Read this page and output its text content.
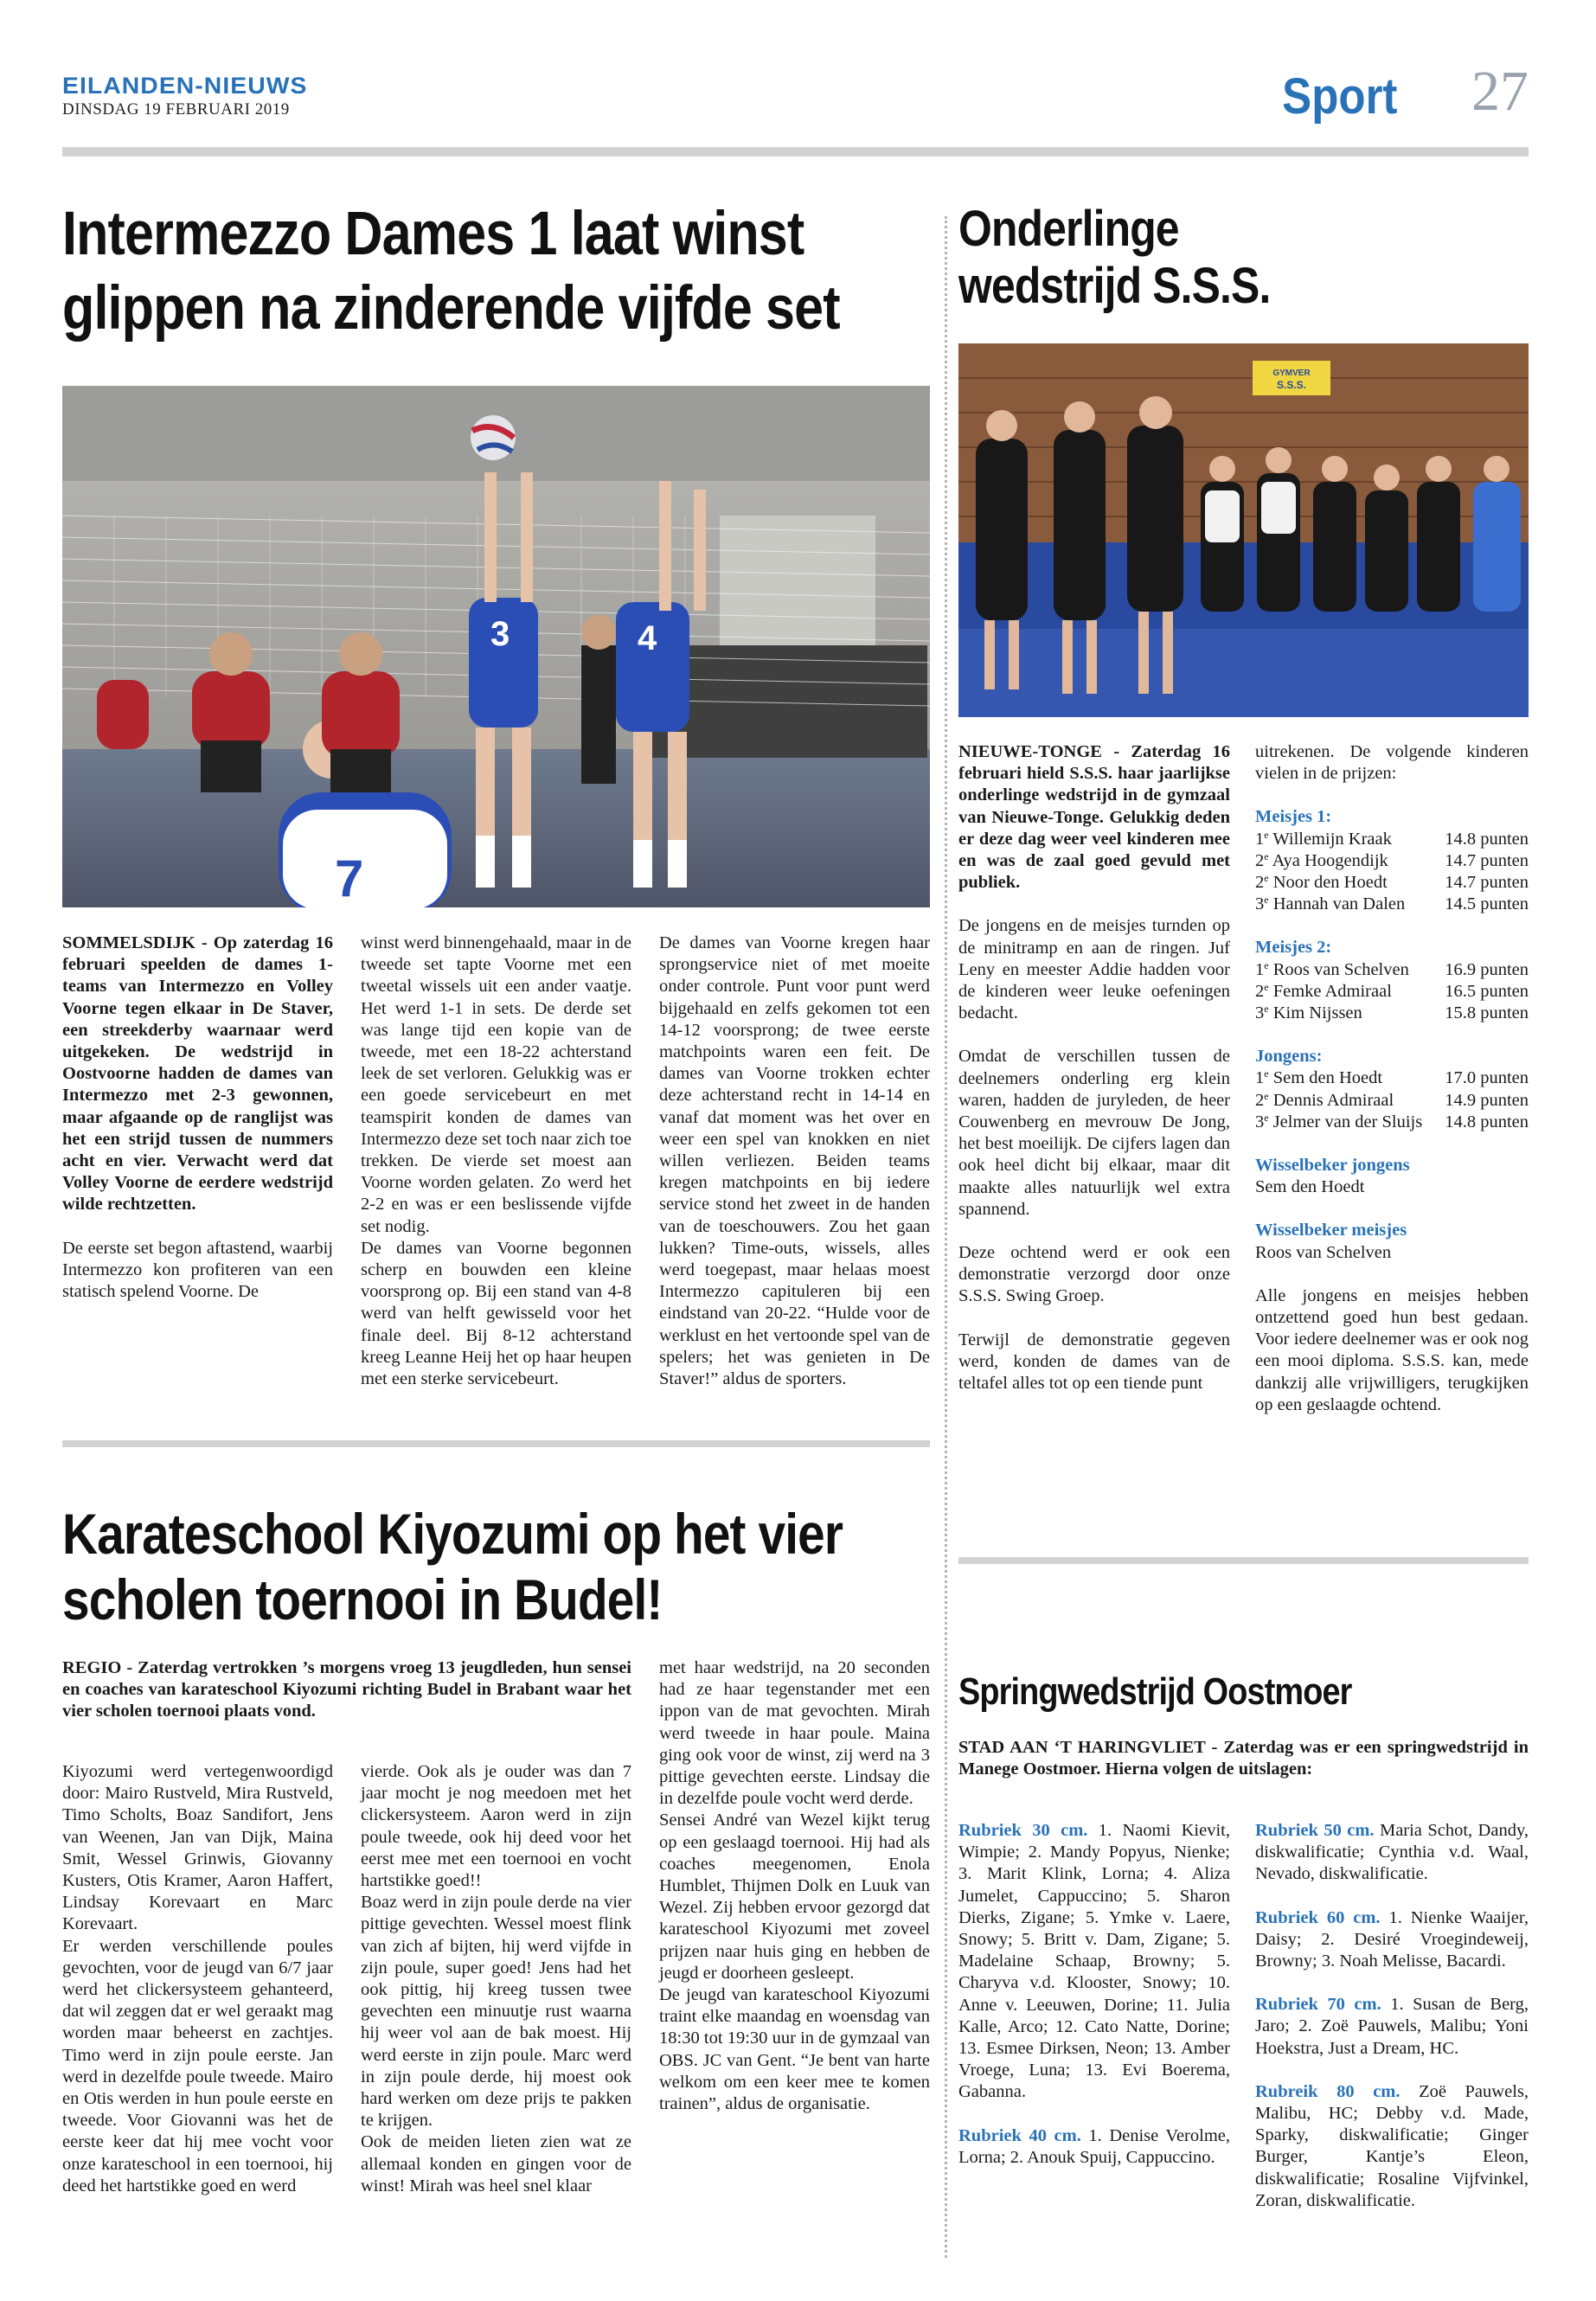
EILANDEN-NIEUWS
DINSDAG 19 FEBRUARI 2019	Sport 27
Intermezzo Dames 1 laat winst
glippen na zinderende vijfde set
3	4
7

SOMMELSDIJK - Op zaterdag 16 februari speelden de dames 1-teams van Intermezzo en Volley Voorne tegen elkaar in De Staver, een streekderby waarnaar werd uitgekeken. De wedstrijd in Oostvoorne hadden de dames van Intermezzo met 2-3 gewonnen, maar afgaande op de ranglijst was het een strijd tussen de nummers acht en vier. Verwacht werd dat Volley Voorne de eerdere wedstrijd wilde rechtzetten.

De eerste set begon aftastend, waarbij Intermezzo kon profiteren van een statisch spelend Voorne. De

winst werd binnengehaald, maar in de tweede set tapte Voorne met een tweetal wissels uit een ander vaatje. Het werd 1-1 in sets. De derde set was lange tijd een kopie van de tweede, met een 18-22 achterstand leek de set verloren. Gelukkig was er een goede servicebeurt en met teamspirit konden de dames van Intermezzo deze set toch naar zich toe trekken. De vierde set moest aan Voorne worden gelaten. Zo werd het 2-2 en was er een beslissende vijfde set nodig.

De dames van Voorne begonnen scherp en bouwden een kleine voorsprong op. Bij een stand van 4-8 werd van helft gewisseld voor het finale deel. Bij 8-12 achterstand kreeg Leanne Heij het op haar heupen met een sterke servicebeurt.

De dames van Voorne kregen haar sprongservice niet of met moeite onder controle. Punt voor punt werd bijgehaald en zelfs gekomen tot een 14-12 voorsprong; de twee eerste matchpoints waren een feit. De dames van Voorne trokken echter deze achterstand recht in 14-14 en vanaf dat moment was het over en weer een spel van knokken en niet willen verliezen. Beiden teams kregen matchpoints en bij iedere service stond het zweet in de handen van de toeschouwers. Zou het gaan lukken? Time-outs, wissels, alles werd toegepast, maar helaas moest Intermezzo capituleren bij een eindstand van 20-22. “Hulde voor de werklust en het vertoonde spel van de spelers; het was genieten in De Staver!” aldus de sporters.

Onderlinge
wedstrijd S.S.S.
GYMVER
S.S.S.

NIEUWE-TONGE - Zaterdag 16 februari hield S.S.S. haar jaarlijkse onderlinge wedstrijd in de gymzaal van Nieuwe-Tonge. Gelukkig deden er deze dag weer veel kinderen mee en was de zaal goed gevuld met publiek.

De jongens en de meisjes turnden op de minitramp en aan de ringen. Juf Leny en meester Addie hadden voor de kinderen weer leuke oefeningen bedacht.

Omdat de verschillen tussen de deelnemers onderling erg klein waren, hadden de juryleden, de heer Couwenberg en mevrouw De Jong, het best moeilijk. De cijfers lagen dan ook heel dicht bij elkaar, maar dit maakte alles natuurlijk wel extra spannend.

Deze ochtend werd er ook een demonstratie verzorgd door onze S.S.S. Swing Groep.

Terwijl de demonstratie gegeven werd, konden de dames van de teltafel alles tot op een tiende punt

uitrekenen. De volgende kinderen vielen in de prijzen:

Meisjes 1:
1e Willemijn Kraak	14.8 punten
2e Aya Hoogendijk	14.7 punten
2e Noor den Hoedt	14.7 punten
3e Hannah van Dalen 14.5 punten
Meisjes 2:
1e Roos van Schelven 16.9 punten
2e Femke Admiraal	16.5 punten
3e Kim Nijssen	15.8 punten
Jongens:
1e Sem den Hoedt	17.0 punten
2e Dennis Admiraal	14.9 punten
3e Jelmer van der Sluijs 14.8 punten
Wisselbeker jongens
Sem den Hoedt
Wisselbeker meisjes
Roos van Schelven

Alle jongens en meisjes hebben ontzettend goed hun best gedaan. Voor iedere deelnemer was er ook nog een mooi diploma. S.S.S. kan, mede dankzij alle vrijwilligers, terugkijken op een geslaagde ochtend.

Karateschool Kiyozumi op het vier
scholen toernooi in Budel!
REGIO - Zaterdag vertrokken ’s morgens vroeg 13 jeugdleden, hun sensei en coaches van karateschool Kiyozumi richting Budel in Brabant waar het vier scholen toernooi plaats vond.

Kiyozumi werd vertegenwoordigd door: Mairo Rustveld, Mira Rustveld, Timo Scholts, Boaz Sandifort, Jens van Weenen, Jan van Dijk, Maina Smit, Wessel Grinwis, Giovanny Kusters, Otis Kramer, Aaron Haffert, Lindsay Korevaart en Marc Korevaart.

Er werden verschillende poules gevochten, voor de jeugd van 6/7 jaar werd het clickersysteem gehanteerd, dat wil zeggen dat er wel geraakt mag worden maar beheerst en zachtjes. Timo werd in zijn poule eerste. Jan werd in dezelfde poule tweede. Mairo en Otis werden in hun poule eerste en tweede. Voor Giovanni was het de eerste keer dat hij mee vocht voor onze karateschool in een toernooi, hij deed het hartstikke goed en werd

vierde. Ook als je ouder was dan 7 jaar mocht je nog meedoen met het clickersysteem. Aaron werd in zijn poule tweede, ook hij deed voor het eerst mee met een toernooi en vocht hartstikke goed!!

Boaz werd in zijn poule derde na vier pittige gevechten. Wessel moest flink van zich af bijten, hij werd vijfde in zijn poule, super goed! Jens had het ook pittig, hij kreeg tussen twee gevechten een minuutje rust waarna hij weer vol aan de bak moest. Hij werd eerste in zijn poule. Marc werd in zijn poule derde, hij moest ook hard werken om deze prijs te pakken te krijgen.

Ook de meiden lieten zien wat ze allemaal konden en gingen voor de winst! Mirah was heel snel klaar

met haar wedstrijd, na 20 seconden had ze haar tegenstander met een ippon van de mat gevochten. Mirah werd tweede in haar poule. Maina ging ook voor de winst, zij werd na 3 pittige gevechten eerste. Lindsay die in dezelfde poule vocht werd derde.

Sensei André van Wezel kijkt terug op een geslaagd toernooi. Hij had als coaches meegenomen, Enola Humblet, Thijmen Dolk en Luuk van Wezel. Zij hebben ervoor gezorgd dat karateschool Kiyozumi met zoveel prijzen naar huis ging en hebben de jeugd er doorheen gesleept.

De jeugd van karateschool Kiyozumi traint elke maandag en woensdag van 18:30 tot 19:30 uur in de gymzaal van OBS. JC van Gent. “Je bent van harte welkom om een keer mee te komen trainen”, aldus de organisatie.

Springwedstrijd Oostmoer
STAD AAN ‘T HARINGVLIET - Zaterdag was er een springwedstrijd in Manege Oostmoer. Hierna volgen de uitslagen:

Rubriek 30 cm. 1. Naomi Kievit, Wimpie; 2. Mandy Popyus, Nienke; 3. Marit Klink, Lorna; 4. Aliza Jumelet, Cappuccino; 5. Sharon Dierks, Zigane; 5. Ymke v. Laere, Snowy; 5. Britt v. Dam, Zigane; 5. Madelaine Schaap, Browny; 5. Charyva v.d. Klooster, Snowy; 10. Anne v. Leeuwen, Dorine; 11. Julia Kalle, Arco; 12. Cato Natte, Dorine; 13. Esmee Dirksen, Neon; 13. Amber Vroege, Luna; 13. Evi Boerema, Gabanna.

Rubriek 40 cm. 1. Denise Verolme, Lorna; 2. Anouk Spuij, Cappuccino.

Rubriek 50 cm. Maria Schot, Dandy, diskwalificatie; Cynthia v.d. Waal, Nevado, diskwalificatie.

Rubriek 60 cm. 1. Nienke Waaijer, Daisy; 2. Desiré Vroegindeweij, Browny; 3. Noah Melisse, Bacardi.

Rubriek 70 cm. 1. Susan de Berg, Jaro; 2. Zoë Pauwels, Malibu; Yoni Hoekstra, Just a Dream, HC.

Rubreik 80 cm. Zoë Pauwels, Malibu, HC; Debby v.d. Made, Sparky, diskwalificatie; Ginger Burger, Kantje’s Eleon, diskwalificatie; Rosaline Vijfvinkel, Zoran, diskwalificatie.
